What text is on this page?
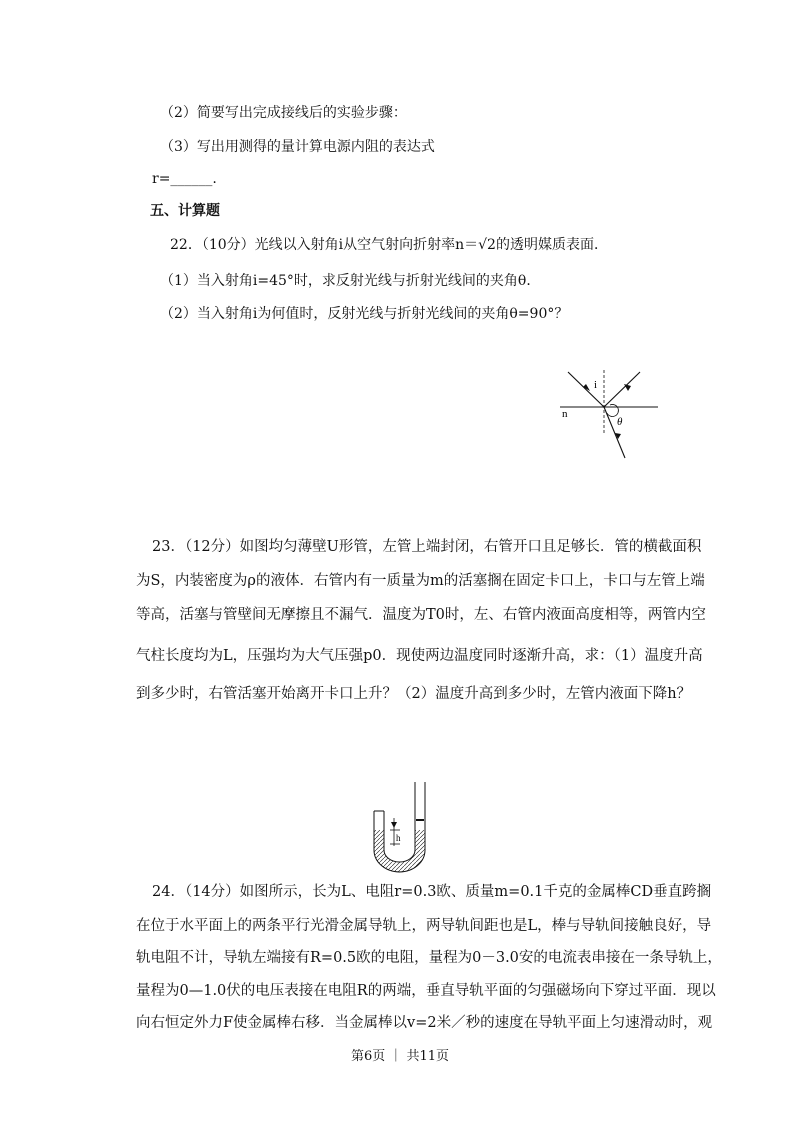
（2）简要写出完成接线后的实验步骤：
（3）写出用测得的量计算电源内阻的表达式
r=______.
五、计算题
22．（10分）光线以入射角i从空气射向折射率n＝√2的透明媒质表面．
（1）当入射角i=45°时，求反射光线与折射光线间的夹角θ．
（2）当入射角i为何值时，反射光线与折射光线间的夹角θ=90°？
i
n
θ
23．（12分）如图均匀薄壁U形管，左管上端封闭，右管开口且足够长．管的横截面积
为S，内装密度为ρ的液体．右管内有一质量为m的活塞搁在固定卡口上，卡口与左管上端
等高，活塞与管壁间无摩擦且不漏气．温度为T0时，左、右管内液面高度相等，两管内空
气柱长度均为L，压强均为大气压强p0．现使两边温度同时逐渐升高，求：（1）温度升高
到多少时，右管活塞开始离开卡口上升？（2）温度升高到多少时，左管内液面下降h？
h
24．（14分）如图所示，长为L、电阻r=0.3欧、质量m=0.1千克的金属棒CD垂直跨搁
在位于水平面上的两条平行光滑金属导轨上，两导轨间距也是L，棒与导轨间接触良好，导
轨电阻不计，导轨左端接有R=0.5欧的电阻，量程为0－3.0安的电流表串接在一条导轨上，
量程为0—1.0伏的电压表接在电阻R的两端，垂直导轨平面的匀强磁场向下穿过平面．现以
向右恒定外力F使金属棒右移．当金属棒以v=2米／秒的速度在导轨平面上匀速滑动时，观
第6页 ｜ 共11页
